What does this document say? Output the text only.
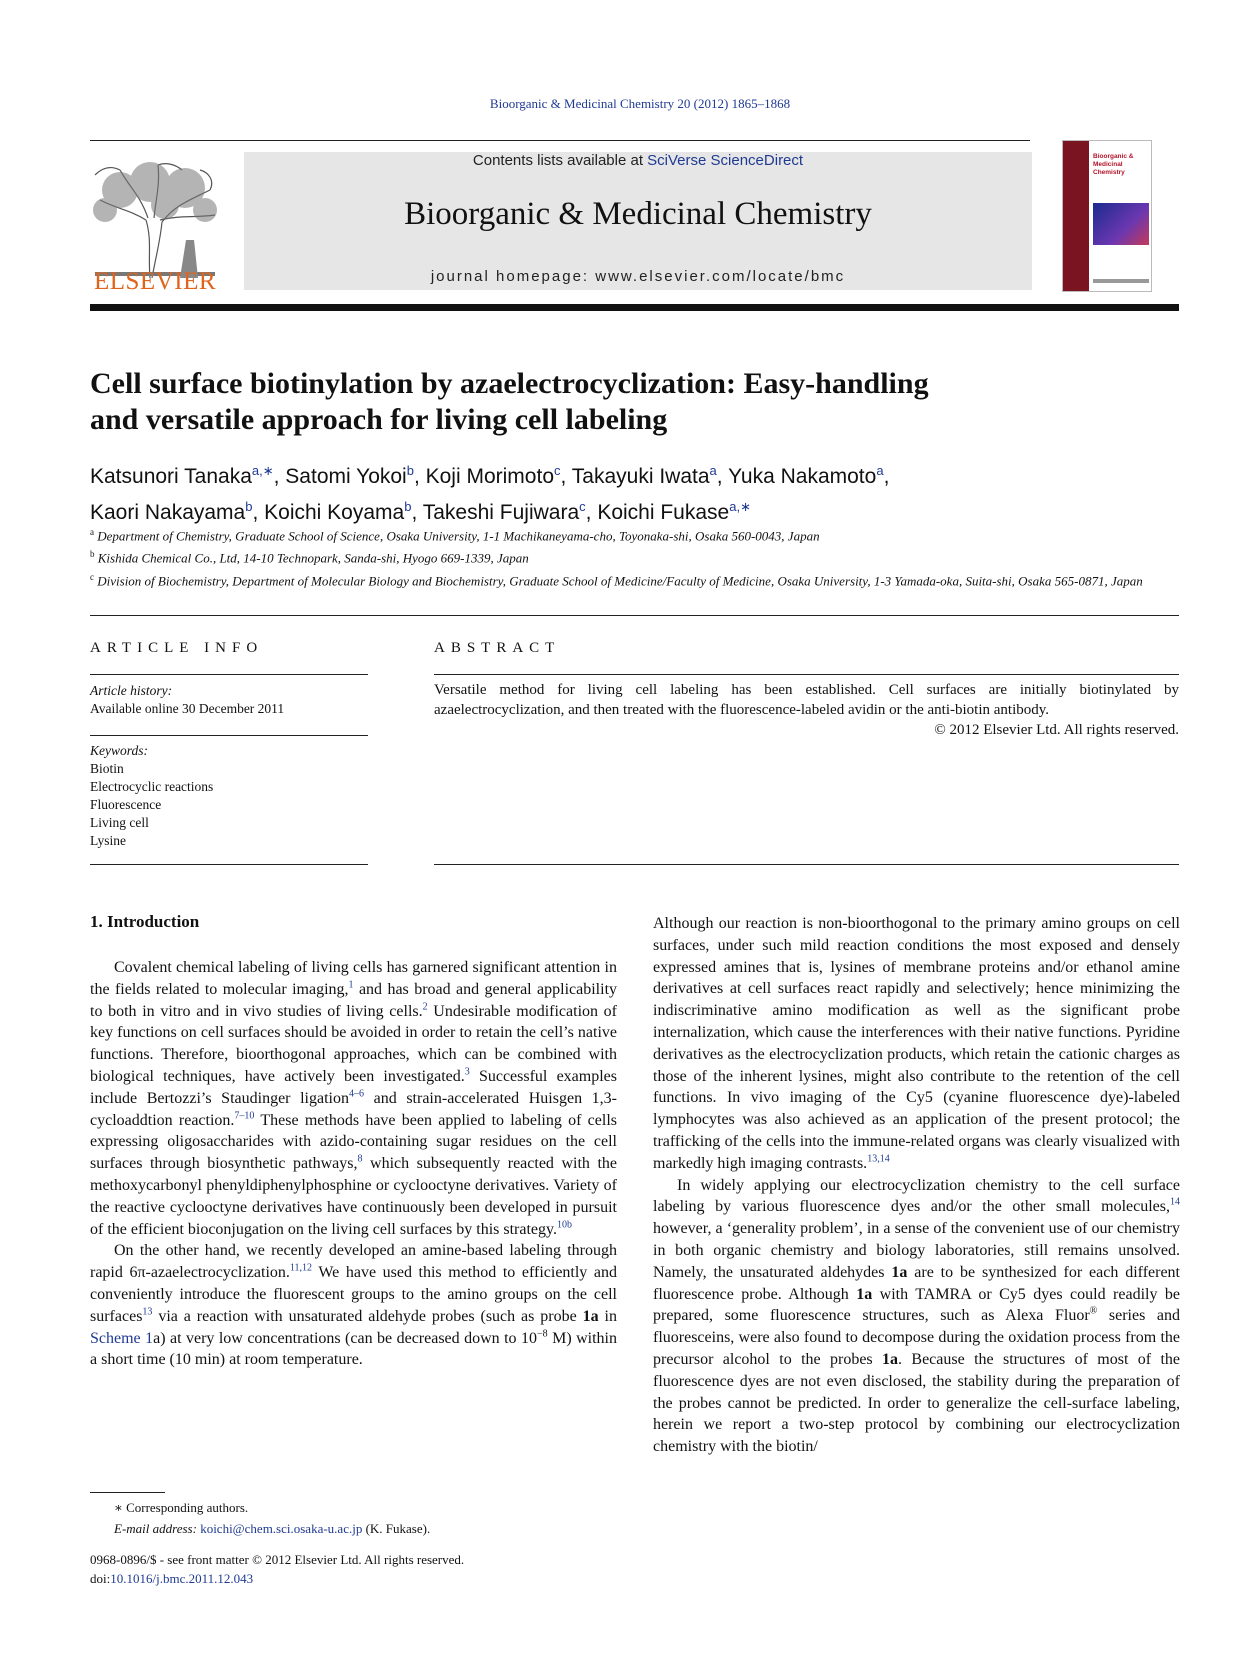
Bioorganic & Medicinal Chemistry 20 (2012) 1865–1868
ELSEVIER
Contents lists available at SciVerse ScienceDirect
Bioorganic & Medicinal Chemistry
journal homepage: www.elsevier.com/locate/bmc
Bioorganic & Medicinal Chemistry
Cell surface biotinylation by azaelectrocyclization: Easy-handling
and versatile approach for living cell labeling
Katsunori Tanaka$^{a,∗}$, Satomi Yokoi$^b$, Koji Morimoto$^c$, Takayuki Iwata$^a$, Yuka Nakamoto$^a$,
Kaori Nakayama$^b$, Koichi Koyama$^b$, Takeshi Fujiwara$^c$, Koichi Fukase$^{a,∗}$
$^a$ Department of Chemistry, Graduate School of Science, Osaka University, 1-1 Machikaneyama-cho, Toyonaka-shi, Osaka 560-0043, Japan
$^b$ Kishida Chemical Co., Ltd, 14-10 Technopark, Sanda-shi, Hyogo 669-1339, Japan
$^c$ Division of Biochemistry, Department of Molecular Biology and Biochemistry, Graduate School of Medicine/Faculty of Medicine, Osaka University, 1-3 Yamada-oka, Suita-shi, Osaka 565-0871, Japan
ARTICLE INFO
Article history:
Available online 30 December 2011
Keywords:
Biotin
Electrocyclic reactions
Fluorescence
Living cell
Lysine
ABSTRACT
Versatile method for living cell labeling has been established. Cell surfaces are initially biotinylated by azaelectrocyclization, and then treated with the fluorescence-labeled avidin or the anti-biotin antibody.
© 2012 Elsevier Ltd. All rights reserved.
1. Introduction

Covalent chemical labeling of living cells has garnered significant attention in the fields related to molecular imaging,$^1$ and has broad and general applicability to both in vitro and in vivo studies of living cells.$^2$ Undesirable modification of key functions on cell surfaces should be avoided in order to retain the cell’s native functions. Therefore, bioorthogonal approaches, which can be combined with biological techniques, have actively been investigated.$^3$ Successful examples include Bertozzi’s Staudinger ligation$^{4-6}$ and strain-accelerated Huisgen 1,3-cycloaddtion reaction.$^{7-10}$ These methods have been applied to labeling of cells expressing oligosaccharides with azido-containing sugar residues on the cell surfaces through biosynthetic pathways,$^8$ which subsequently reacted with the methoxycarbonyl phenyldiphenylphosphine or cyclooctyne derivatives. Variety of the reactive cyclooctyne derivatives have continuously been developed in pursuit of the efficient bioconjugation on the living cell surfaces by this strategy.$^{10b}$

On the other hand, we recently developed an amine-based labeling through rapid 6π-azaelectrocyclization.$^{11,12}$ We have used this method to efficiently and conveniently introduce the fluorescent groups to the amino groups on the cell surfaces$^{13}$ via a reaction with unsaturated aldehyde probes (such as probe 1a in Scheme 1a) at very low concentrations (can be decreased down to $10^{-8}$ M) within a short time (10 min) at room temperature.

Although our reaction is non-bioorthogonal to the primary amino groups on cell surfaces, under such mild reaction conditions the most exposed and densely expressed amines that is, lysines of membrane proteins and/or ethanol amine derivatives at cell surfaces react rapidly and selectively; hence minimizing the indiscriminative amino modification as well as the significant probe internalization, which cause the interferences with their native functions. Pyridine derivatives as the electrocyclization products, which retain the cationic charges as those of the inherent lysines, might also contribute to the retention of the cell functions. In vivo imaging of the Cy5 (cyanine fluorescence dye)-labeled lymphocytes was also achieved as an application of the present protocol; the trafficking of the cells into the immune-related organs was clearly visualized with markedly high imaging contrasts.$^{13,14}$

In widely applying our electrocyclization chemistry to the cell surface labeling by various fluorescence dyes and/or the other small molecules,$^{14}$ however, a ‘generality problem’, in a sense of the convenient use of our chemistry in both organic chemistry and biology laboratories, still remains unsolved. Namely, the unsaturated aldehydes 1a are to be synthesized for each different fluorescence probe. Although 1a with TAMRA or Cy5 dyes could readily be prepared, some fluorescence structures, such as Alexa Fluor® series and fluoresceins, were also found to decompose during the oxidation process from the precursor alcohol to the probes 1a. Because the structures of most of the fluorescence dyes are not even disclosed, the stability during the preparation of the probes cannot be predicted. In order to generalize the cell-surface labeling, herein we report a two-step protocol by combining our electrocyclization chemistry with the biotin/

∗ Corresponding authors.
E-mail address: koichi@chem.sci.osaka-u.ac.jp (K. Fukase).
0968-0896/$ - see front matter © 2012 Elsevier Ltd. All rights reserved.
doi:10.1016/j.bmc.2011.12.043
